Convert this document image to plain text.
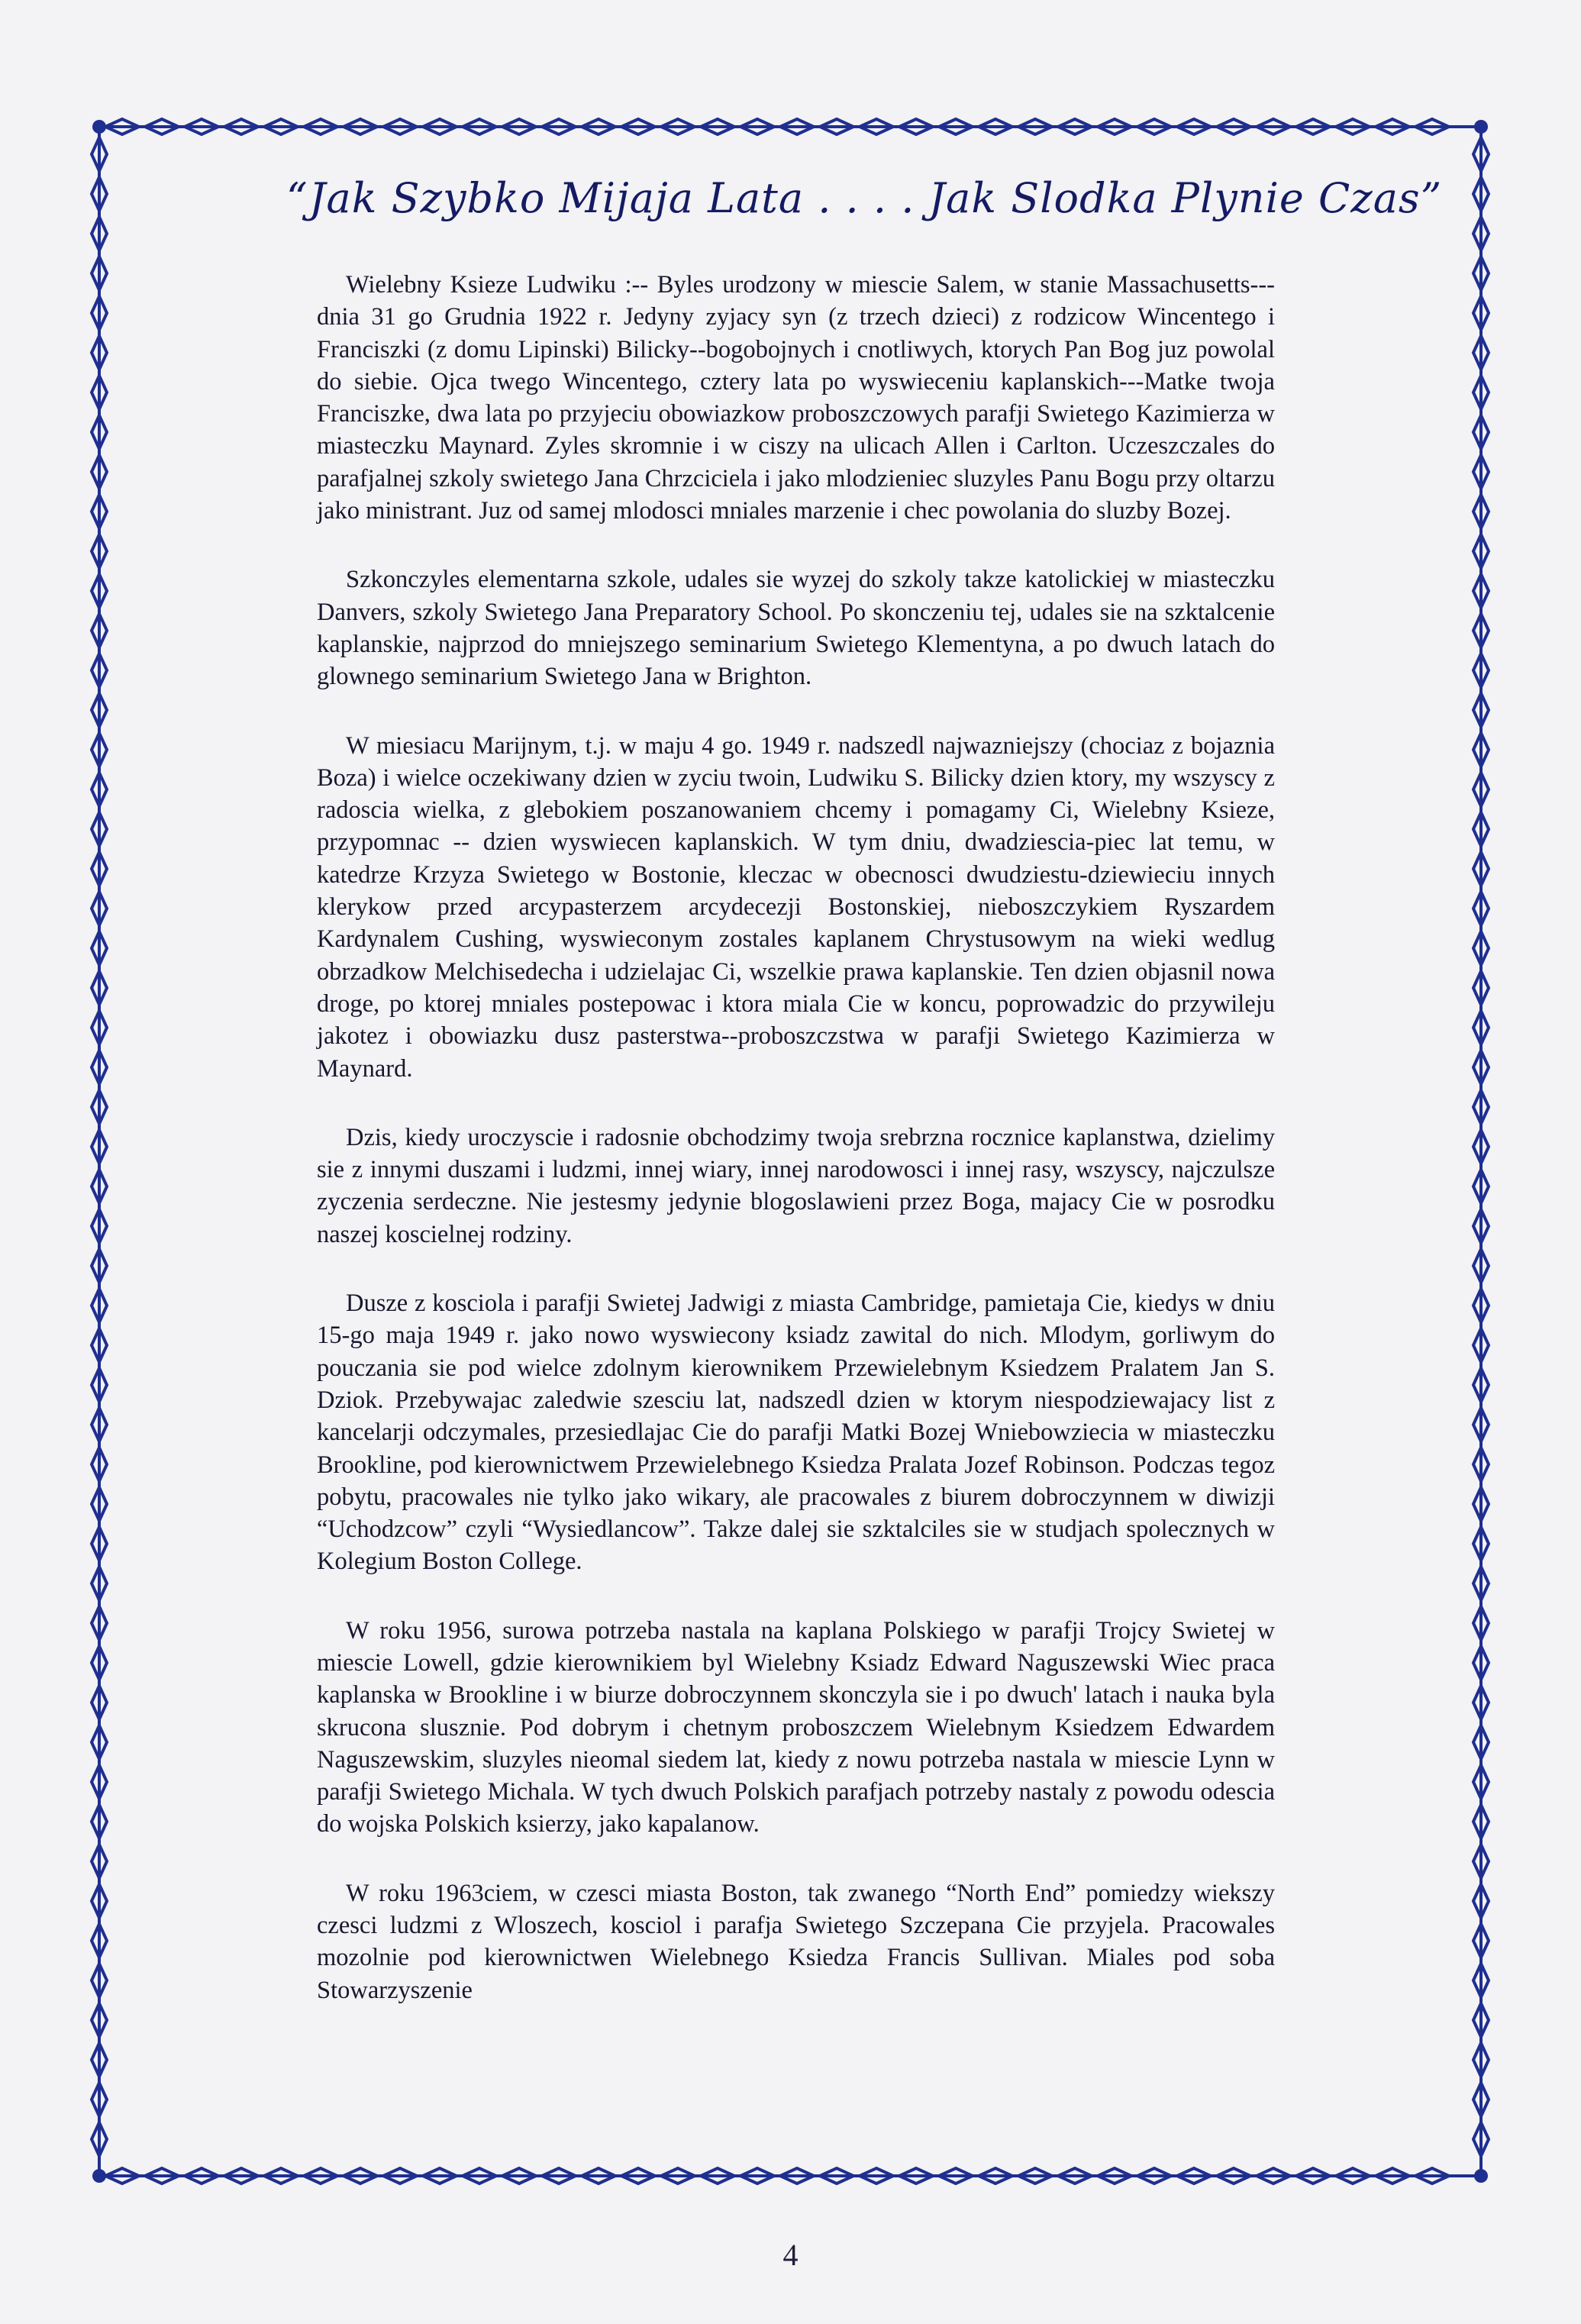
“Jak Szybko Mijaja Lata . . . . Jak Slodka Plynie Czas”

Wielebny Ksieze Ludwiku :-- Byles urodzony w miescie Salem, w stanie Massachusetts---dnia 31 go Grudnia 1922 r. Jedyny zyjacy syn (z trzech dzieci) z rodzicow Wincentego i Franciszki (z domu Lipinski) Bilicky--bogobojnych i cnotliwych, ktorych Pan Bog juz powolal do siebie. Ojca twego Wincentego, cztery lata po wyswieceniu kaplanskich---Matke twoja Franciszke, dwa lata po przyjeciu obowiazkow proboszczowych parafji Swietego Kazimierza w miasteczku Maynard. Zyles skromnie i w ciszy na ulicach Allen i Carlton. Uczeszczales do parafjalnej szkoly swietego Jana Chrzciciela i jako mlodzieniec sluzyles Panu Bogu przy oltarzu jako ministrant. Juz od samej mlodosci mniales marzenie i chec powolania do sluzby Bozej.

Szkonczyles elementarna szkole, udales sie wyzej do szkoly takze katolickiej w miasteczku Danvers, szkoly Swietego Jana Preparatory School. Po skonczeniu tej, udales sie na szktalcenie kaplanskie, najprzod do mniejszego seminarium Swietego Klementyna, a po dwuch latach do glownego seminarium Swietego Jana w Brighton.

W miesiacu Marijnym, t.j. w maju 4 go. 1949 r. nadszedl najwazniejszy (chociaz z bojaznia Boza) i wielce oczekiwany dzien w zyciu twoin, Ludwiku S. Bilicky dzien ktory, my wszyscy z radoscia wielka, z glebokiem poszanowaniem chcemy i pomagamy Ci, Wielebny Ksieze, przypomnac -- dzien wyswiecen kaplanskich. W tym dniu, dwadziescia-piec lat temu, w katedrze Krzyza Swietego w Bostonie, kleczac w obecnosci dwudziestu-dziewieciu innych klerykow przed arcypasterzem arcydecezji Bostonskiej, nieboszczykiem Ryszardem Kardynalem Cushing, wyswieconym zostales kaplanem Chrystusowym na wieki wedlug obrzadkow Melchisedecha i udzielajac Ci, wszelkie prawa kaplanskie. Ten dzien objasnil nowa droge, po ktorej mniales postepowac i ktora miala Cie w koncu, poprowadzic do przywileju jakotez i obowiazku dusz pasterstwa--proboszczstwa w parafji Swietego Kazimierza w Maynard.

Dzis, kiedy uroczyscie i radosnie obchodzimy twoja srebrzna rocznice kaplanstwa, dzielimy sie z innymi duszami i ludzmi, innej wiary, innej narodowosci i innej rasy, wszyscy, najczulsze zyczenia serdeczne. Nie jestesmy jedynie blogoslawieni przez Boga, majacy Cie w posrodku naszej koscielnej rodziny.

Dusze z kosciola i parafji Swietej Jadwigi z miasta Cambridge, pamietaja Cie, kiedys w dniu 15-go maja 1949 r. jako nowo wyswiecony ksiadz zawital do nich. Mlodym, gorliwym do pouczania sie pod wielce zdolnym kierownikem Przewielebnym Ksiedzem Pralatem Jan S. Dziok. Przebywajac zaledwie szesciu lat, nadszedl dzien w ktorym niespodziewajacy list z kancelarji odczymales, przesiedlajac Cie do parafji Matki Bozej Wniebowziecia w miasteczku Brookline, pod kierownictwem Przewielebnego Ksiedza Pralata Jozef Robinson. Podczas tegoz pobytu, pracowales nie tylko jako wikary, ale pracowales z biurem dobroczynnem w diwizji “Uchodzcow” czyli “Wysiedlancow”. Takze dalej sie szktalciles sie w studjach spolecznych w Kolegium Boston College.

W roku 1956, surowa potrzeba nastala na kaplana Polskiego w parafji Trojcy Swietej w miescie Lowell, gdzie kierownikiem byl Wielebny Ksiadz Edward Naguszewski Wiec praca kaplanska w Brookline i w biurze dobroczynnem skonczyla sie i po dwuch' latach i nauka byla skrucona slusznie. Pod dobrym i chetnym proboszczem Wielebnym Ksiedzem Edwardem Naguszewskim, sluzyles nieomal siedem lat, kiedy z nowu potrzeba nastala w miescie Lynn w parafji Swietego Michala. W tych dwuch Polskich parafjach potrzeby nastaly z powodu odescia do wojska Polskich ksierzy, jako kapalanow.

W roku 1963ciem, w czesci miasta Boston, tak zwanego “North End” pomiedzy wiekszy czesci ludzmi z Wloszech, kosciol i parafja Swietego Szczepana Cie przyjela. Pracowales mozolnie pod kierownictwen Wielebnego Ksiedza Francis Sullivan. Miales pod soba Stowarzyszenie

4
